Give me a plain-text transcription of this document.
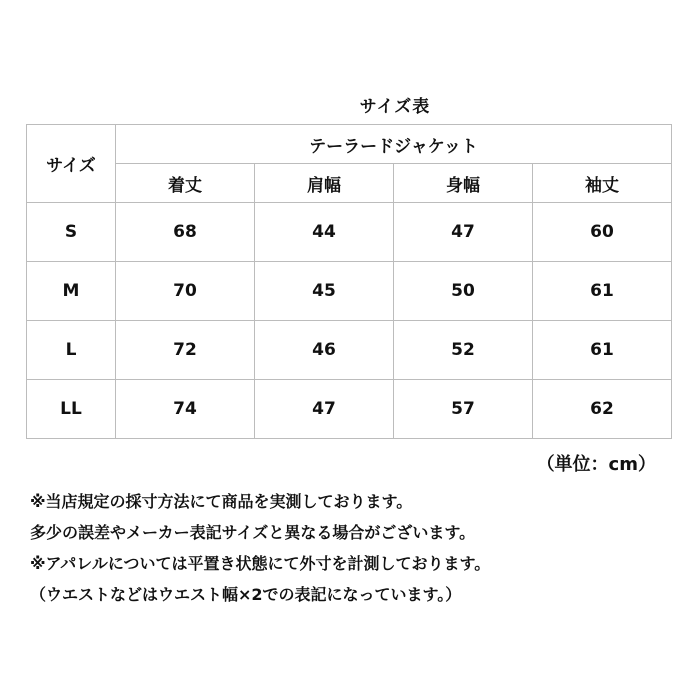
サイズ表
サイズ	テーラードジャケット			
	着丈	肩幅	身幅	袖丈
S	68	44	47	60
M	70	45	50	61
L	72	46	52	61
LL	74	47	57	62
（単位：cm）
※当店規定の採寸方法にて商品を実測しております。
多少の誤差やメーカー表記サイズと異なる場合がございます。
※アパレルについては平置き状態にて外寸を計測しております。
（ウエストなどはウエスト幅×2での表記になっています。）
